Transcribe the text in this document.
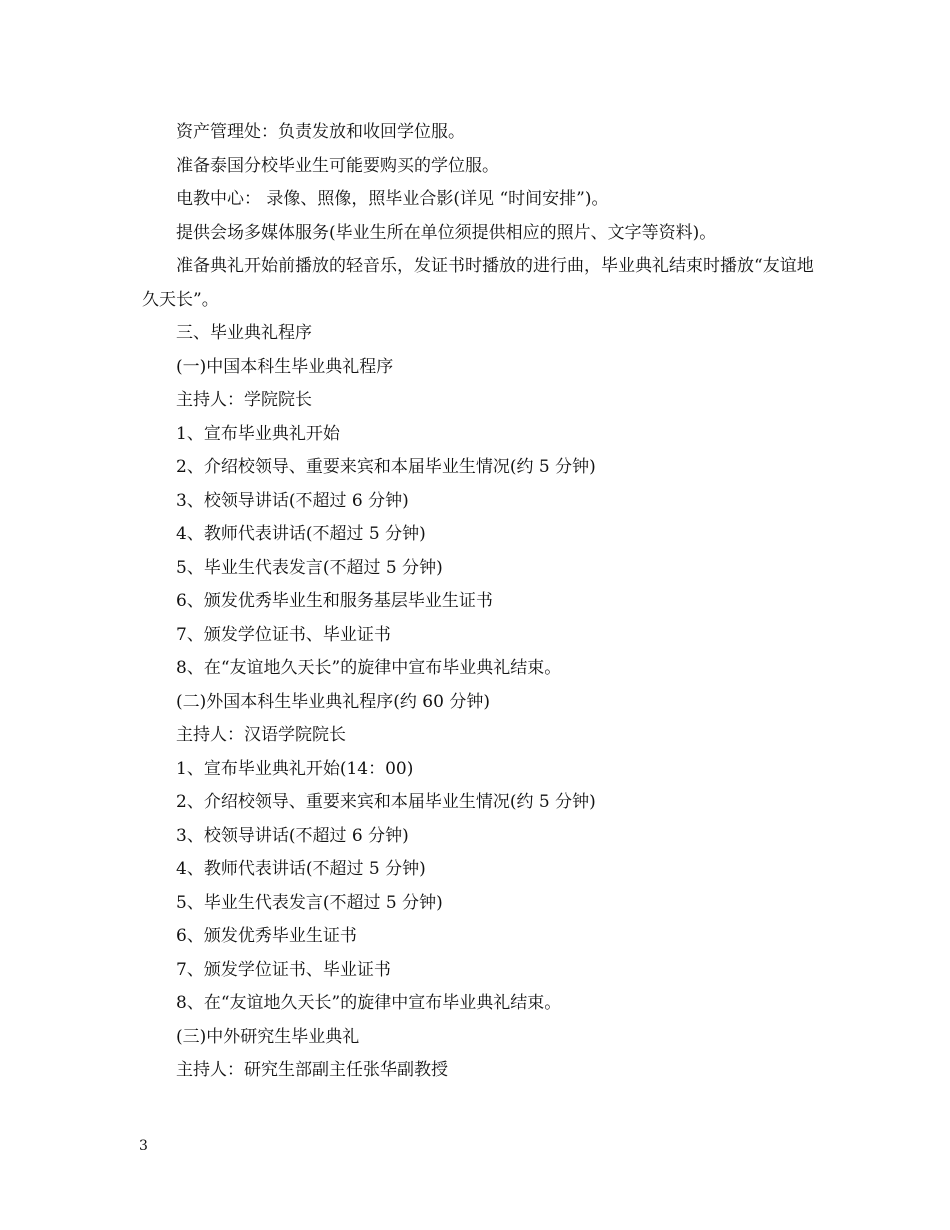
资产管理处：负责发放和收回学位服。
准备泰国分校毕业生可能要购买的学位服。
电教中心： 录像、照像，照毕业合影(详见 “时间安排”)。
提供会场多媒体服务(毕业生所在单位须提供相应的照片、文字等资料)。
准备典礼开始前播放的轻音乐，发证书时播放的进行曲，毕业典礼结束时播放“友谊地久天长”。
三、毕业典礼程序
(一)中国本科生毕业典礼程序
主持人：学院院长
1、宣布毕业典礼开始
2、介绍校领导、重要来宾和本届毕业生情况(约 5 分钟)
3、校领导讲话(不超过 6 分钟)
4、教师代表讲话(不超过 5 分钟)
5、毕业生代表发言(不超过 5 分钟)
6、颁发优秀毕业生和服务基层毕业生证书
7、颁发学位证书、毕业证书
8、在“友谊地久天长”的旋律中宣布毕业典礼结束。
(二)外国本科生毕业典礼程序(约 60 分钟)
主持人：汉语学院院长
1、宣布毕业典礼开始(14：00)
2、介绍校领导、重要来宾和本届毕业生情况(约 5 分钟)
3、校领导讲话(不超过 6 分钟)
4、教师代表讲话(不超过 5 分钟)
5、毕业生代表发言(不超过 5 分钟)
6、颁发优秀毕业生证书
7、颁发学位证书、毕业证书
8、在“友谊地久天长”的旋律中宣布毕业典礼结束。
(三)中外研究生毕业典礼
主持人：研究生部副主任张华副教授
3
